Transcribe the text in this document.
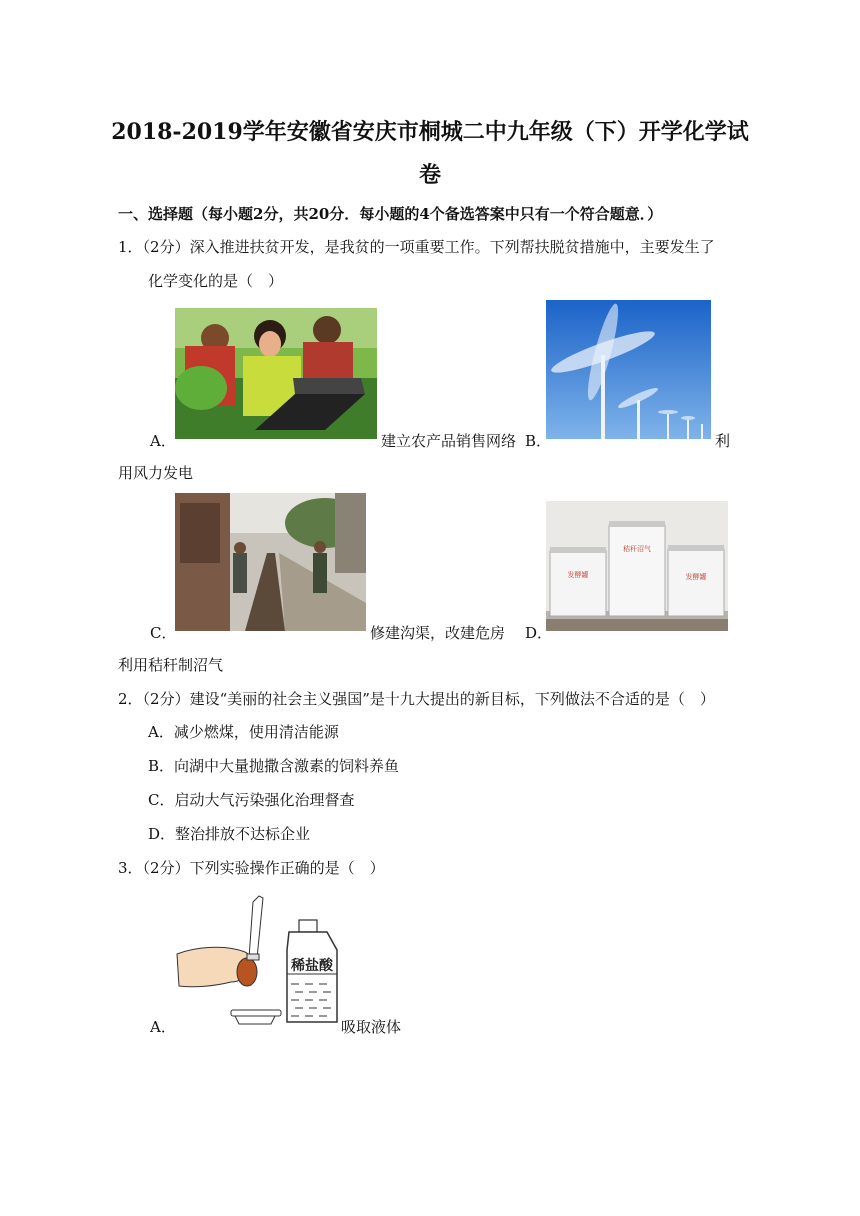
2018-2019学年安徽省安庆市桐城二中九年级（下）开学化学试
卷
一、选择题（每小题2分，共20分．每小题的4个备选答案中只有一个符合题意．）
1．（2分）深入推进扶贫开发，是我贫的一项重要工作。下列帮扶脱贫措施中，主要发生了
化学变化的是（　）
A．	建立农产品销售网络 B．	利
用风力发电
C．	修建沟渠，改建危房
发酵罐
秸秆沼气
发酵罐
D．
利用秸秆制沼气
2．（2分）建设“美丽的社会主义强国”是十九大提出的新目标，下列做法不合适的是（　）
A．减少燃煤，使用清洁能源
B．向湖中大量抛撒含激素的饲料养鱼
C．启动大气污染强化治理督查
D．整治排放不达标企业
3．（2分）下列实验操作正确的是（　）
稀盐酸
A．	吸取液体
